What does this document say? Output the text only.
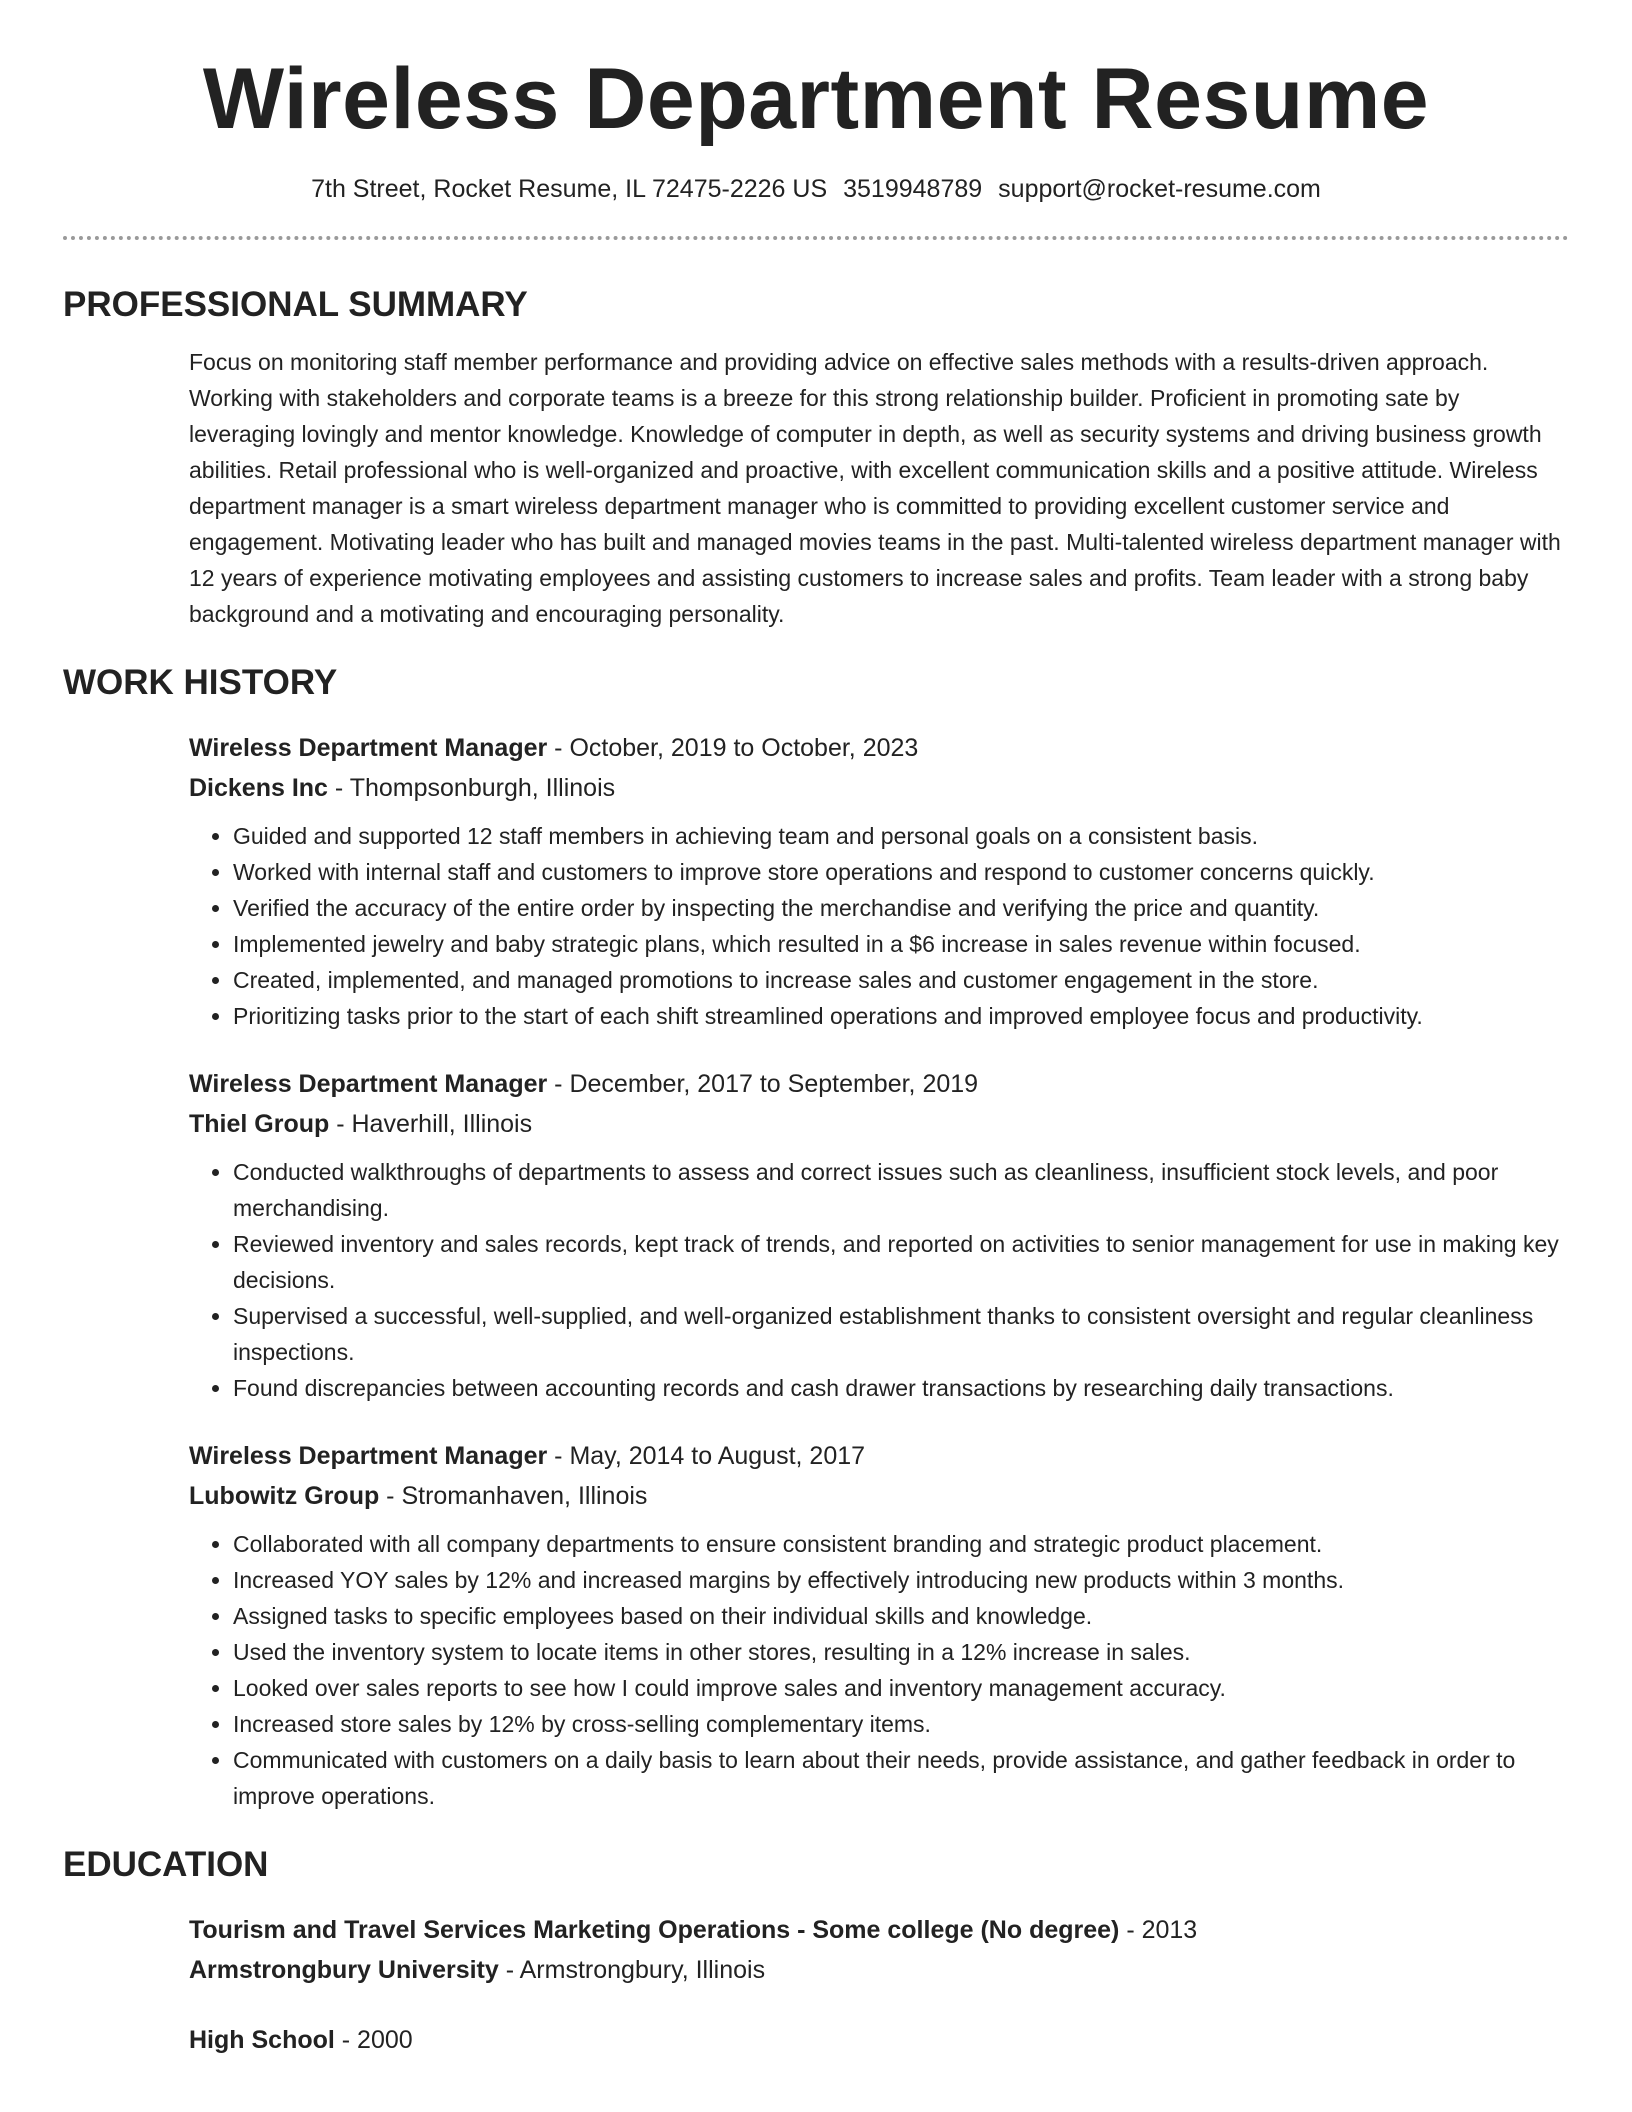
Wireless Department Resume
7th Street, Rocket Resume, IL 72475-2226 US 3519948789 support@rocket-resume.com
PROFESSIONAL SUMMARY

Focus on monitoring staff member performance and providing advice on effective sales methods with a results-driven approach. Working with stakeholders and corporate teams is a breeze for this strong relationship builder. Proficient in promoting sate by leveraging lovingly and mentor knowledge. Knowledge of computer in depth, as well as security systems and driving business growth abilities. Retail professional who is well-organized and proactive, with excellent communication skills and a positive attitude. Wireless department manager is a smart wireless department manager who is committed to providing excellent customer service and engagement. Motivating leader who has built and managed movies teams in the past. Multi-talented wireless department manager with 12 years of experience motivating employees and assisting customers to increase sales and profits. Team leader with a strong baby background and a motivating and encouraging personality.

WORK HISTORY
Wireless Department Manager - October, 2019 to October, 2023
Dickens Inc - Thompsonburgh, Illinois
• Guided and supported 12 staff members in achieving team and personal goals on a consistent basis.
• Worked with internal staff and customers to improve store operations and respond to customer concerns quickly.
• Verified the accuracy of the entire order by inspecting the merchandise and verifying the price and quantity.
• Implemented jewelry and baby strategic plans, which resulted in a $6 increase in sales revenue within focused.
• Created, implemented, and managed promotions to increase sales and customer engagement in the store.
• Prioritizing tasks prior to the start of each shift streamlined operations and improved employee focus and productivity.
Wireless Department Manager - December, 2017 to September, 2019
Thiel Group - Haverhill, Illinois
• Conducted walkthroughs of departments to assess and correct issues such as cleanliness, insufficient stock levels, and poor merchandising.
• Reviewed inventory and sales records, kept track of trends, and reported on activities to senior management for use in making key decisions.
• Supervised a successful, well-supplied, and well-organized establishment thanks to consistent oversight and regular cleanliness inspections.
• Found discrepancies between accounting records and cash drawer transactions by researching daily transactions.
Wireless Department Manager - May, 2014 to August, 2017
Lubowitz Group - Stromanhaven, Illinois
• Collaborated with all company departments to ensure consistent branding and strategic product placement.
• Increased YOY sales by 12% and increased margins by effectively introducing new products within 3 months.
• Assigned tasks to specific employees based on their individual skills and knowledge.
• Used the inventory system to locate items in other stores, resulting in a 12% increase in sales.
• Looked over sales reports to see how I could improve sales and inventory management accuracy.
• Increased store sales by 12% by cross-selling complementary items.
• Communicated with customers on a daily basis to learn about their needs, provide assistance, and gather feedback in order to improve operations.
EDUCATION
Tourism and Travel Services Marketing Operations - Some college (No degree) - 2013
Armstrongbury University - Armstrongbury, Illinois
High School - 2000
